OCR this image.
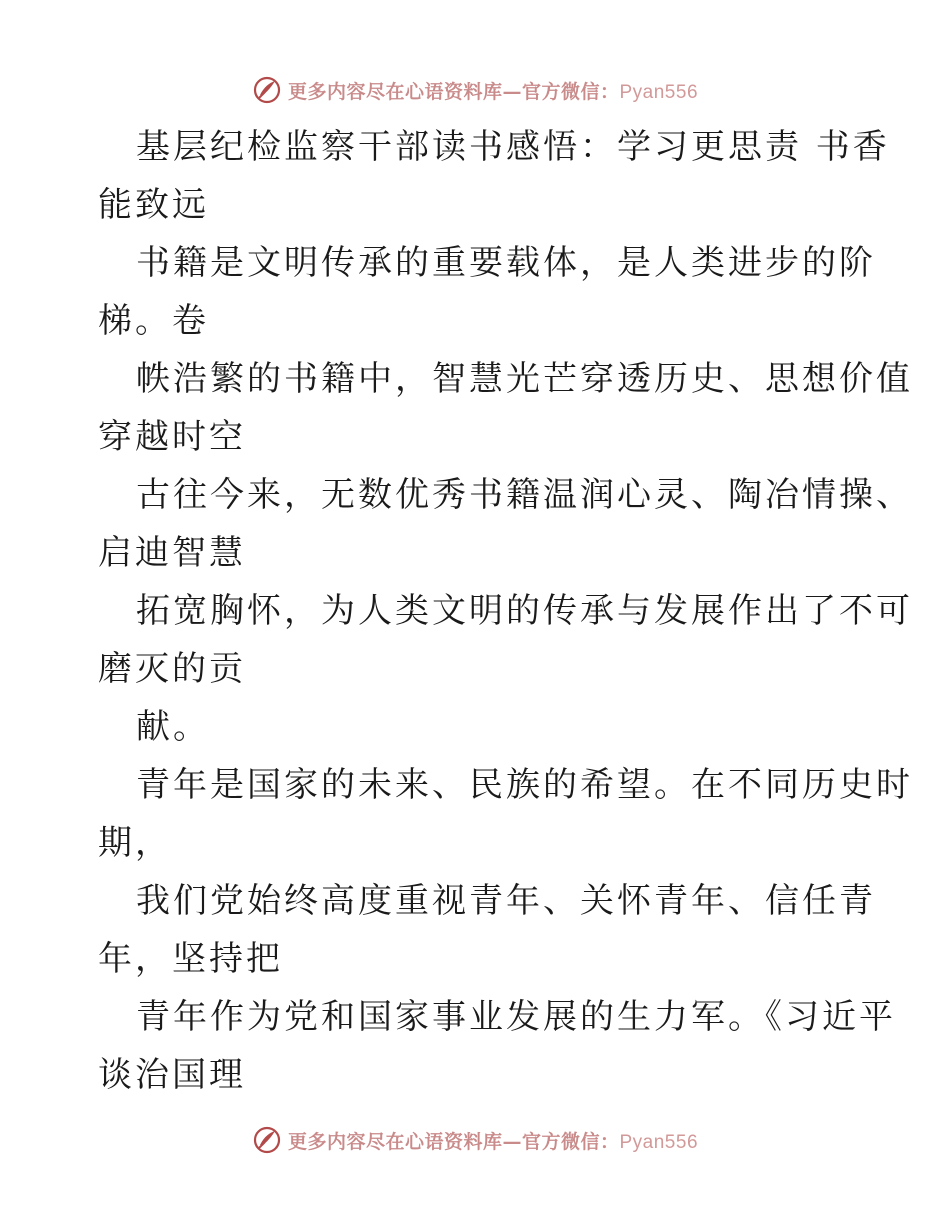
更多内容尽在心语资料库—官方微信：Pyan556
基层纪检监察干部读书感悟：学习更思责 书香
能致远
书籍是文明传承的重要载体，是人类进步的阶
梯。卷
帙浩繁的书籍中，智慧光芒穿透历史、思想价值
穿越时空
古往今来，无数优秀书籍温润心灵、陶冶情操、
启迪智慧
拓宽胸怀，为人类文明的传承与发展作出了不可
磨灭的贡
献。
青年是国家的未来、民族的希望。在不同历史时
期，
我们党始终高度重视青年、关怀青年、信任青
年，坚持把
青年作为党和国家事业发展的生力军。《习近平
谈治国理
更多内容尽在心语资料库—官方微信：Pyan556
